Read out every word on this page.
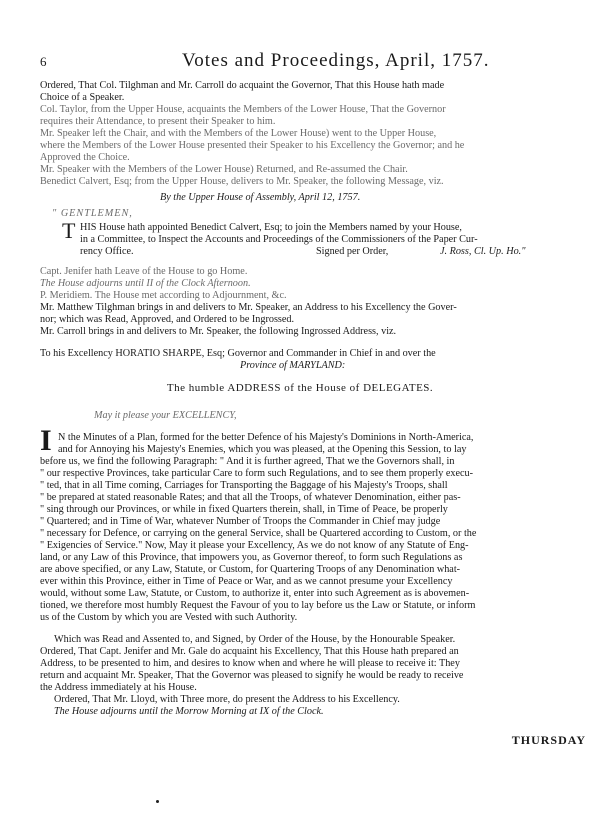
6	Votes and Proceedings, April, 1757.
Ordered, That Col. Tilghman and Mr. Carroll do acquaint the Governor, That this House hath made
Choice of a Speaker.
Col. Taylor, from the Upper House, acquaints the Members of the Lower House, That the Governor
requires their Attendance, to present their Speaker to him.
Mr. Speaker left the Chair, and with the Members of the Lower House) went to the Upper House,
where the Members of the Lower House presented their Speaker to his Excellency the Governor; and he
Approved the Choice.
Mr. Speaker with the Members of the Lower House) Returned, and Re-assumed the Chair.
Benedict Calvert, Esq; from the Upper House, delivers to Mr. Speaker, the following Message, viz.
By the Upper House of Assembly, April 12, 1757.
" GENTLEMEN,
T HIS House hath appointed Benedict Calvert, Esq; to join the Members named by your House,
in a Committee, to Inspect the Accounts and Proceedings of the Commissioners of the Paper Cur-
rency Office.	Signed per Order,	J. Ross, Cl. Up. Ho."
Capt. Jenifer hath Leave of the House to go Home.
The House adjourns until II of the Clock Afternoon.
P. Meridiem. The House met according to Adjournment, &c.
Mr. Matthew Tilghman brings in and delivers to Mr. Speaker, an Address to his Excellency the Gover-
nor; which was Read, Approved, and Ordered to be Ingrossed.
Mr. Carroll brings in and delivers to Mr. Speaker, the following Ingrossed Address, viz.
To his Excellency HORATIO SHARPE, Esq; Governor and Commander in Chief in and over the
Province of MARYLAND:
The humble ADDRESS of the House of DELEGATES.
May it please your EXCELLENCY,
I N the Minutes of a Plan, formed for the better Defence of his Majesty's Dominions in North-America,
and for Annoying his Majesty's Enemies, which you was pleased, at the Opening this Session, to lay
before us, we find the following Paragraph: " And it is further agreed, That we the Governors shall, in
" our respective Provinces, take particular Care to form such Regulations, and to see them properly execu-
" ted, that in all Time coming, Carriages for Transporting the Baggage of his Majesty's Troops, shall
" be prepared at stated reasonable Rates; and that all the Troops, of whatever Denomination, either pas-
" sing through our Provinces, or while in fixed Quarters therein, shall, in Time of Peace, be properly
" Quartered; and in Time of War, whatever Number of Troops the Commander in Chief may judge
" necessary for Defence, or carrying on the general Service, shall be Quartered according to Custom, or the
" Exigencies of Service." Now, May it please your Excellency, As we do not know of any Statute of Eng-
land, or any Law of this Province, that impowers you, as Governor thereof, to form such Regulations as
are above specified, or any Law, Statute, or Custom, for Quartering Troops of any Denomination what-
ever within this Province, either in Time of Peace or War, and as we cannot presume your Excellency
would, without some Law, Statute, or Custom, to authorize it, enter into such Agreement as is abovemen-
tioned, we therefore most humbly Request the Favour of you to lay before us the Law or Statute, or inform
us of the Custom by which you are Vested with such Authority.
Which was Read and Assented to, and Signed, by Order of the House, by the Honourable Speaker.
Ordered, That Capt. Jenifer and Mr. Gale do acquaint his Excellency, That this House hath prepared an
Address, to be presented to him, and desires to know when and where he will please to receive it: They
return and acquaint Mr. Speaker, That the Governor was pleased to signify he would be ready to receive
the Address immediately at his House.
Ordered, That Mr. Lloyd, with Three more, do present the Address to his Excellency.
The House adjourns until the Morrow Morning at IX of the Clock.
THURSDAY
